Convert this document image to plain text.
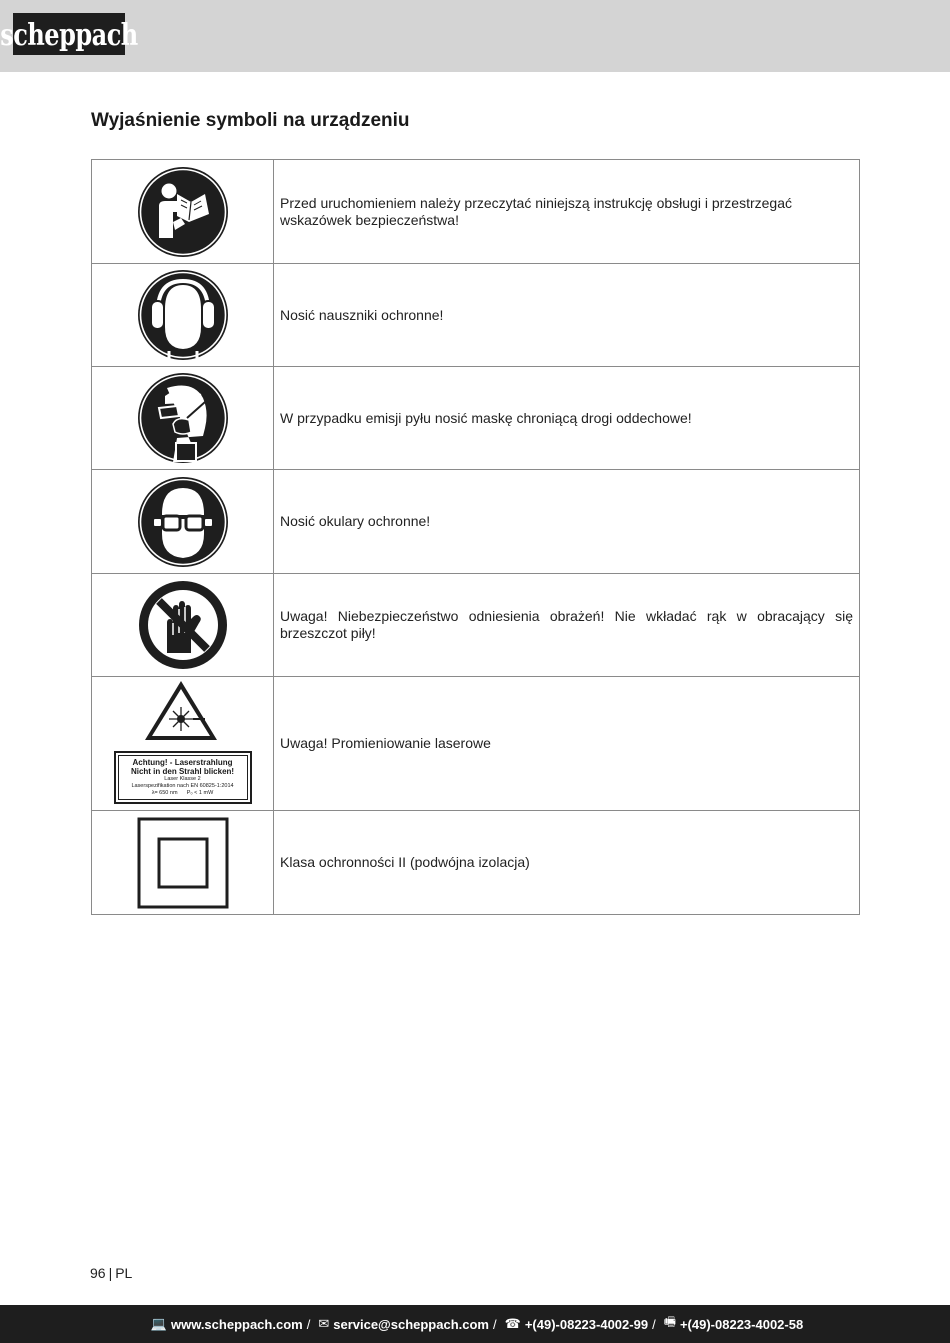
scheppach
Wyjaśnienie symboli na urządzeniu
	Przed uruchomieniem należy przeczytać niniejszą instrukcję obsługi i przestrzegać wskazówek bezpieczeństwa!

	Nosić nauszniki ochronne!

	W przypadku emisji pyłu nosić maskę chroniącą drogi oddechowe!

	Nosić okulary ochronne!

	Uwaga! Niebezpieczeństwo odniesienia obrażeń! Nie wkładać rąk w obracający się brzeszczot piły!

Achtung! - Laserstrahlung
Nicht in den Strahl blicken!
Laser Klasse 2
Laserspezifikation nach EN 60825-1:2014
λ= 650 nm P₀ < 1 mW	Uwaga! Promieniowanie laserowe

	Klasa ochronności II (podwójna izolacja)
96 | PL
💻 www.scheppach.com / ✉ service@scheppach.com / ☎ +(49)-08223-4002-99 / 🖷 +(49)-08223-4002-58
